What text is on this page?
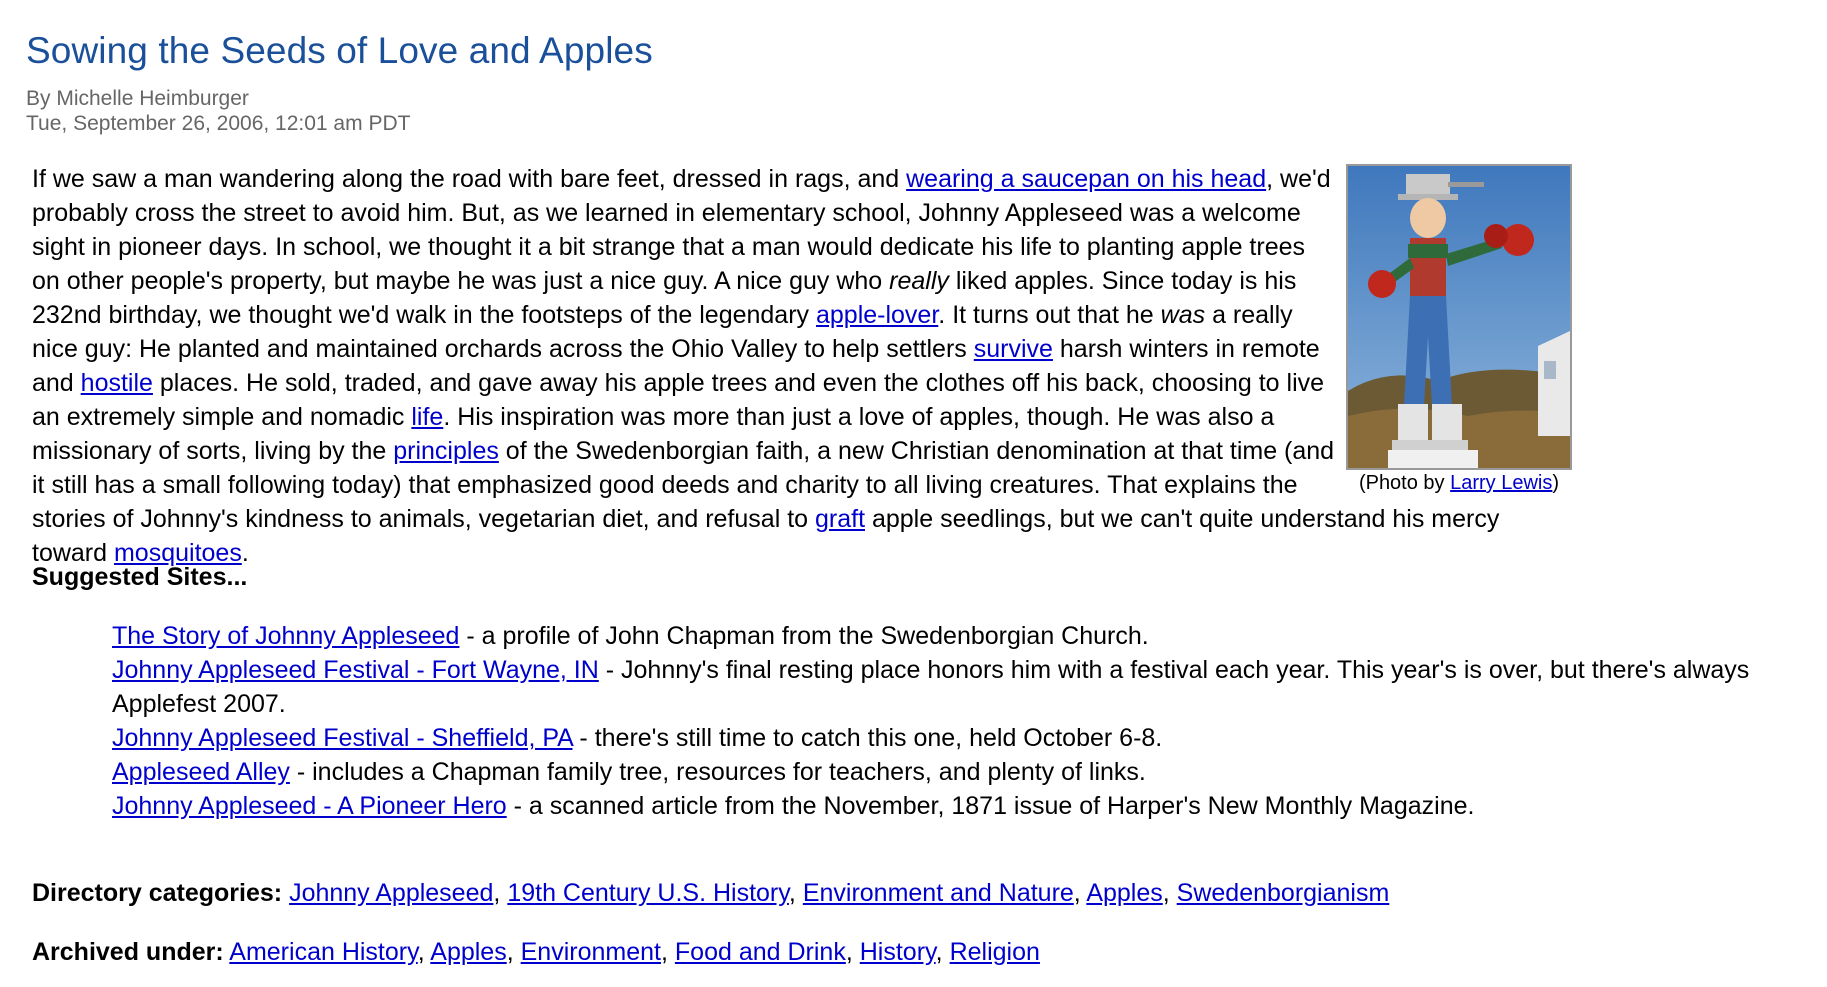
Sowing the Seeds of Love and Apples
By Michelle Heimburger
Tue, September 26, 2006, 12:01 am PDT
(Photo by Larry Lewis)

If we saw a man wandering along the road with bare feet, dressed in rags, and wearing a saucepan on his head, we'd probably cross the street to avoid him. But, as we learned in elementary school, Johnny Appleseed was a welcome sight in pioneer days. In school, we thought it a bit strange that a man would dedicate his life to planting apple trees on other people's property, but maybe he was just a nice guy. A nice guy who really liked apples. Since today is his 232nd birthday, we thought we'd walk in the footsteps of the legendary apple-lover. It turns out that he was a really nice guy: He planted and maintained orchards across the Ohio Valley to help settlers survive harsh winters in remote and hostile places. He sold, traded, and gave away his apple trees and even the clothes off his back, choosing to live an extremely simple and nomadic life. His inspiration was more than just a love of apples, though. He was also a missionary of sorts, living by the principles of the Swedenborgian faith, a new Christian denomination at that time (and it still has a small following today) that emphasized good deeds and charity to all living creatures. That explains the stories of Johnny's kindness to animals, vegetarian diet, and refusal to graft apple seedlings, but we can't quite understand his mercy toward mosquitoes.

Suggested Sites...
The Story of Johnny Appleseed - a profile of John Chapman from the Swedenborgian Church.
Johnny Appleseed Festival - Fort Wayne, IN - Johnny's final resting place honors him with a festival each year. This year's is over, but there's always Applefest 2007.
Johnny Appleseed Festival - Sheffield, PA - there's still time to catch this one, held October 6-8.
Appleseed Alley - includes a Chapman family tree, resources for teachers, and plenty of links.
Johnny Appleseed - A Pioneer Hero - a scanned article from the November, 1871 issue of Harper's New Monthly Magazine.
Directory categories: Johnny Appleseed, 19th Century U.S. History, Environment and Nature, Apples, Swedenborgianism
Archived under: American History, Apples, Environment, Food and Drink, History, Religion
